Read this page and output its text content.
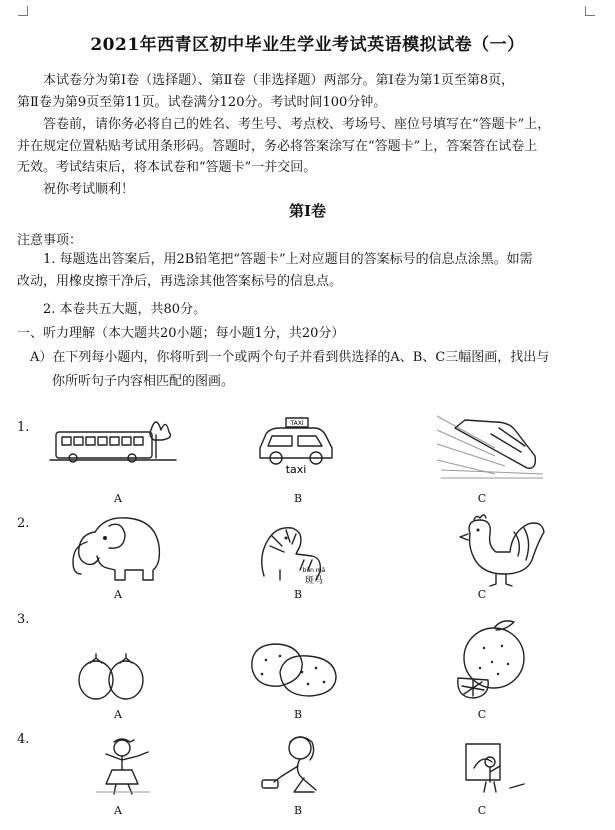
2021年西青区初中毕业生学业考试英语模拟试卷（一）
本试卷分为第Ⅰ卷（选择题）、第Ⅱ卷（非选择题）两部分。第Ⅰ卷为第1页至第8页，
第Ⅱ卷为第9页至第11页。试卷满分120分。考试时间100分钟。
答卷前，请你务必将自己的姓名、考生号、考点校、考场号、座位号填写在“答题卡”上，
并在规定位置粘贴考试用条形码。答题时，务必将答案涂写在“答题卡”上，答案答在试卷上
无效。考试结束后，将本试卷和“答题卡”一并交回。
祝你考试顺利！
第Ⅰ卷
注意事项：
1. 每题选出答案后，用2B铅笔把“答题卡”上对应题目的答案标号的信息点涂黑。如需
改动，用橡皮擦干净后，再选涂其他答案标号的信息点。
2. 本卷共五大题，共80分。
一、听力理解（本大题共20小题；每小题1分，共20分）
A）在下列每小题内，你将听到一个或两个句子并看到供选择的A、B、C三幅图画，找出与
你所听句子内容相匹配的图画。
1.	TAXI
taxi
A	B	C
2.
bān mǎ
斑马
A	B	C
3.
A	B	C
4.
A	B	C
